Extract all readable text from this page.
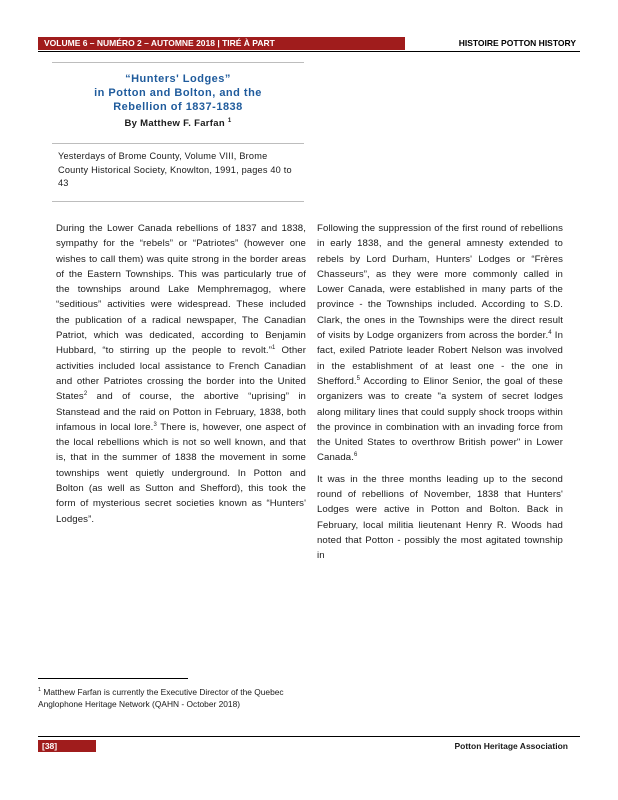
VOLUME 6 – NUMÉRO 2 – AUTOMNE 2018 | TIRÉ À PART	HISTOIRE POTTON HISTORY
“Hunters' Lodges”
in Potton and Bolton, and the
Rebellion of 1837-1838
By Matthew F. Farfan $^1$
Yesterdays of Brome County, Volume VIII, Brome County Historical Society, Knowlton, 1991, pages 40 to 43

During the Lower Canada rebellions of 1837 and 1838, sympathy for the “rebels” or “Patriotes” (however one wishes to call them) was quite strong in the border areas of the Eastern Townships. This was particularly true of the townships around Lake Memphremagog, where “seditious” activities were widespread. These included the publication of a radical newspaper, The Canadian Patriot, which was dedicated, according to Benjamin Hubbard, “to stirring up the people to revolt.”$^1$ Other activities included local assistance to French Canadian and other Patriotes crossing the border into the United States$^2$ and of course, the abortive “uprising” in Stanstead and the raid on Potton in February, 1838, both infamous in local lore.$^3$ There is, however, one aspect of the local rebellions which is not so well known, and that is, that in the summer of 1838 the movement in some townships went quietly underground. In Potton and Bolton (as well as Sutton and Shefford), this took the form of mysterious secret societies known as “Hunters' Lodges”.

Following the suppression of the first round of rebellions in early 1838, and the general amnesty extended to rebels by Lord Durham, Hunters' Lodges or “Frères Chasseurs”, as they were more commonly called in Lower Canada, were established in many parts of the province - the Townships included. According to S.D. Clark, the ones in the Townships were the direct result of visits by Lodge organizers from across the border.$^4$ In fact, exiled Patriote leader Robert Nelson was involved in the establishment of at least one - the one in Shefford.$^5$ According to Elinor Senior, the goal of these organizers was to create "a system of secret lodges along military lines that could supply shock troops within the province in combination with an invading force from the United States to overthrow British power" in Lower Canada.$^6$

It was in the three months leading up to the second round of rebellions of November, 1838 that Hunters' Lodges were active in Potton and Bolton. Back in February, local militia lieutenant Henry R. Woods had noted that Potton - possibly the most agitated township in

$^1$ Matthew Farfan is currently the Executive Director of the Quebec Anglophone Heritage Network (QAHN - October 2018)
[38]	Potton Heritage Association
